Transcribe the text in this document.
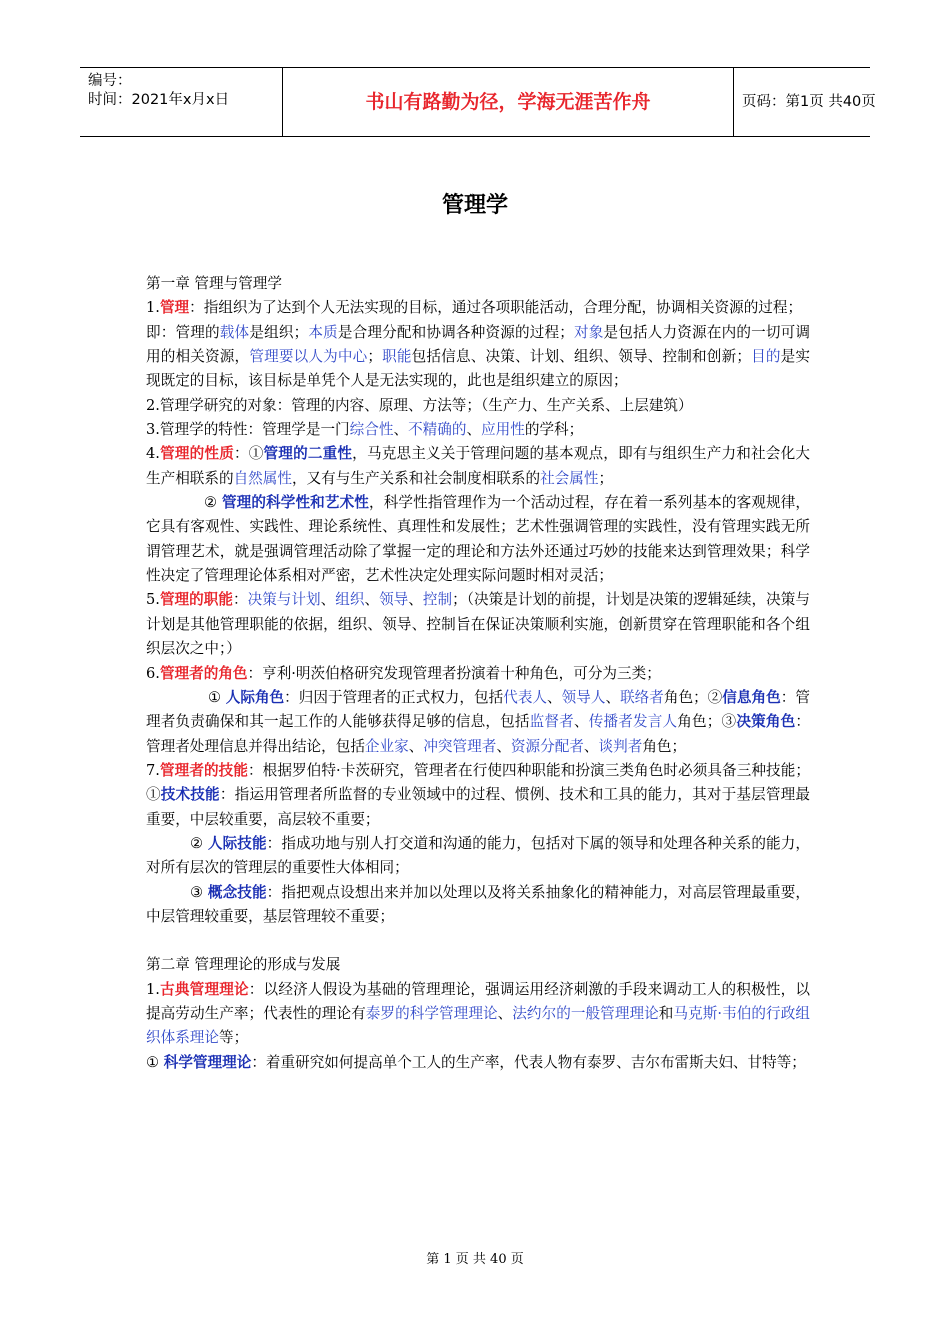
编号：
时间：2021年x月x日	书山有路勤为径，学海无涯苦作舟	页码：第1页 共40页
管理学

第一章 管理与管理学

1.管理：指组织为了达到个人无法实现的目标，通过各项职能活动，合理分配，协调相关资源的过程；

即：管理的载体是组织；本质是合理分配和协调各种资源的过程；对象是包括人力资源在内的一切可调用的相关资源，管理要以人为中心；职能包括信息、决策、计划、组织、领导、控制和创新；目的是实现既定的目标，该目标是单凭个人是无法实现的，此也是组织建立的原因；

2.管理学研究的对象：管理的内容、原理、方法等；（生产力、生产关系、上层建筑）

3.管理学的特性：管理学是一门综合性、不精确的、应用性的学科；

4.管理的性质：①管理的二重性，马克思主义关于管理问题的基本观点，即有与组织生产力和社会化大生产相联系的自然属性，又有与生产关系和社会制度相联系的社会属性；

② 管理的科学性和艺术性，科学性指管理作为一个活动过程，存在着一系列基本的客观规律，它具有客观性、实践性、理论系统性、真理性和发展性；艺术性强调管理的实践性，没有管理实践无所谓管理艺术，就是强调管理活动除了掌握一定的理论和方法外还通过巧妙的技能来达到管理效果；科学性决定了管理理论体系相对严密，艺术性决定处理实际问题时相对灵活；

5.管理的职能：决策与计划、组织、领导、控制；（决策是计划的前提，计划是决策的逻辑延续，决策与计划是其他管理职能的依据，组织、领导、控制旨在保证决策顺利实施，创新贯穿在管理职能和各个组织层次之中；）

6.管理者的角色：亨利·明茨伯格研究发现管理者扮演着十种角色，可分为三类；

① 人际角色：归因于管理者的正式权力，包括代表人、领导人、联络者角色；②信息角色：管理者负责确保和其一起工作的人能够获得足够的信息，包括监督者、传播者发言人角色；③决策角色：管理者处理信息并得出结论，包括企业家、冲突管理者、资源分配者、谈判者角色；

7.管理者的技能：根据罗伯特·卡茨研究，管理者在行使四种职能和扮演三类角色时必须具备三种技能；①技术技能：指运用管理者所监督的专业领域中的过程、惯例、技术和工具的能力，其对于基层管理最重要，中层较重要，高层较不重要；

② 人际技能：指成功地与别人打交道和沟通的能力，包括对下属的领导和处理各种关系的能力，对所有层次的管理层的重要性大体相同；

③ 概念技能：指把观点设想出来并加以处理以及将关系抽象化的精神能力，对高层管理最重要，中层管理较重要，基层管理较不重要；

第二章 管理理论的形成与发展

1.古典管理理论：以经济人假设为基础的管理理论，强调运用经济刺激的手段来调动工人的积极性，以提高劳动生产率；代表性的理论有泰罗的科学管理理论、法约尔的一般管理理论和马克斯·韦伯的行政组织体系理论等；

① 科学管理理论：着重研究如何提高单个工人的生产率，代表人物有泰罗、吉尔布雷斯夫妇、甘特等；

第 1 页 共 40 页
